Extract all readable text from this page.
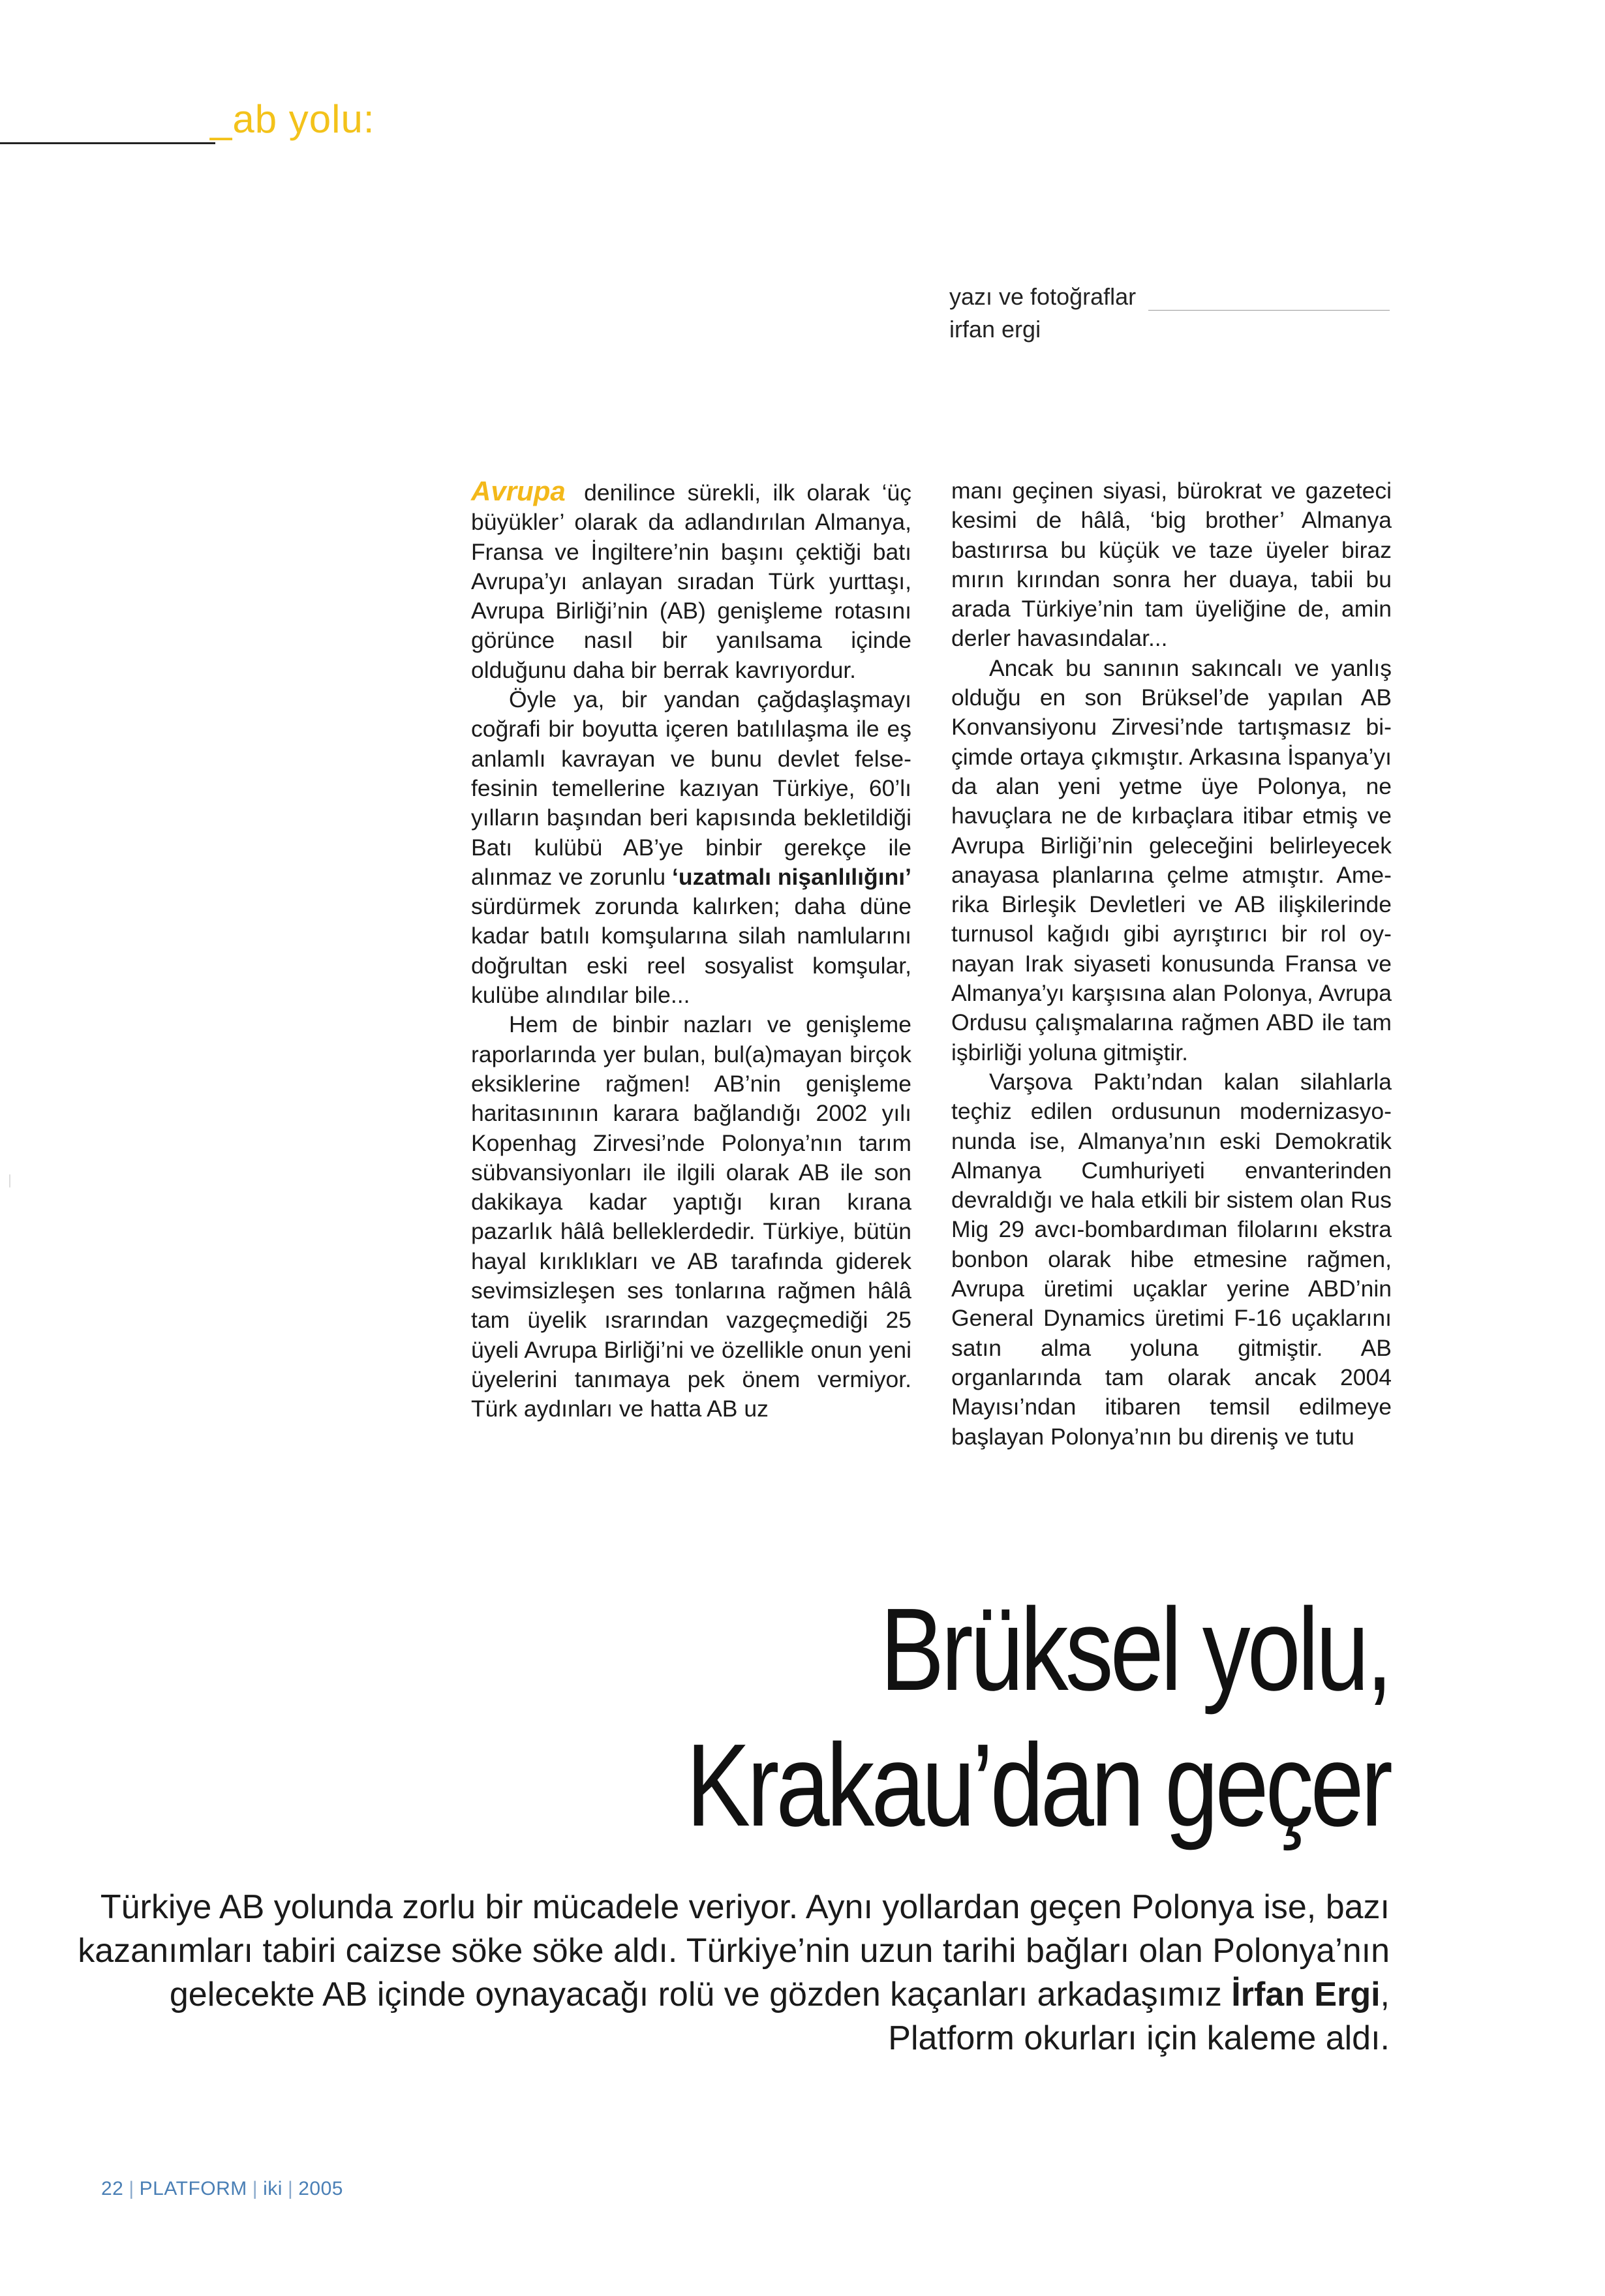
_ab yolu:
yazı ve fotoğraflar
irfan ergi

Avrupa denilince sürekli, ilk olarak ‘üç büyükler’ olarak da adlandırılan Almanya, Fransa ve İngiltere’nin başını çektiği batı Avrupa’yı anlayan sıradan Türk yurttaşı, Avrupa Birliği’nin (AB) genişleme rotasını görünce nasıl bir yanılsama içinde olduğunu daha bir berrak kavrıyordur.

Öyle ya, bir yandan çağdaşlaşmayı coğrafi bir boyutta içeren batılılaşma ile eş anlamlı kavrayan ve bunu devlet felsefesinin temellerine kazıyan Türkiye, 60’lı yılların başından beri kapısında bekletildiği Batı kulübü AB’ye binbir gerekçe ile alınmaz ve zorunlu ‘uzatmalı nişanlılığını’ sürdürmek zorunda kalırken; daha düne kadar batılı komşularına silah namlularını doğrultan eski reel sosyalist komşular, kulübe alındılar bile...

Hem de binbir nazları ve genişleme raporlarında yer bulan, bul(a)mayan birçok eksiklerine rağmen! AB’nin genişleme haritasınının karara bağlandığı 2002 yılı Kopenhag Zirvesi’nde Polonya’nın tarım sübvansiyonları ile ilgili olarak AB ile son dakikaya kadar yaptığı kıran kırana pazarlık hâlâ belleklerdedir. Türkiye, bütün hayal kırıklıkları ve AB tarafında giderek sevimsizleşen ses tonlarına rağmen hâlâ tam üyelik ısrarından vazgeçmediği 25 üyeli Avrupa Birliği’ni ve özellikle onun yeni üyelerini tanımaya pek önem vermiyor. Türk aydınları ve hatta AB uz

manı geçinen siyasi, bürokrat ve gazeteci kesimi de hâlâ, ‘big brother’ Almanya bastırırsa bu küçük ve taze üyeler biraz mırın kırından sonra her duaya, tabii bu arada Türkiye’nin tam üyeliğine de, amin derler havasındalar...

Ancak bu sanının sakıncalı ve yanlış olduğu en son Brüksel’de yapılan AB Konvansiyonu Zirvesi’nde tartışmasız biçimde ortaya çıkmıştır. Arkasına İspanya’yı da alan yeni yetme üye Polonya, ne havuçlara ne de kırbaçlara itibar etmiş ve Avrupa Birliği’nin geleceğini belirleyecek anayasa planlarına çelme atmıştır. Amerika Birleşik Devletleri ve AB ilişkilerinde turnusol kağıdı gibi ayrıştırıcı bir rol oynayan Irak siyaseti konusunda Fransa ve Almanya’yı karşısına alan Polonya, Avrupa Ordusu çalışmalarına rağmen ABD ile tam işbirliği yoluna gitmiştir.

Varşova Paktı’ndan kalan silahlarla teçhiz edilen ordusunun modernizasyonunda ise, Almanya’nın eski Demokratik Almanya Cumhuriyeti envanterinden devraldığı ve hala etkili bir sistem olan Rus Mig 29 avcı-bombardıman filolarını ekstra bonbon olarak hibe etmesine rağmen, Avrupa üretimi uçaklar yerine ABD’nin General Dynamics üretimi F-16 uçaklarını satın alma yoluna gitmiştir. AB organlarında tam olarak ancak 2004 Mayısı’ndan itibaren temsil edilmeye başlayan Polonya’nın bu direniş ve tutu

Brüksel yolu,
Krakau’dan geçer
Türkiye AB yolunda zorlu bir mücadele veriyor. Aynı yollardan geçen Polonya ise, bazı kazanımları tabiri caizse söke söke aldı. Türkiye’nin uzun tarihi bağları olan Polonya’nın gelecekte AB içinde oynayacağı rolü ve gözden kaçanları arkadaşımız İrfan Ergi, Platform okurları için kaleme aldı.
22 | PLATFORM | iki | 2005
